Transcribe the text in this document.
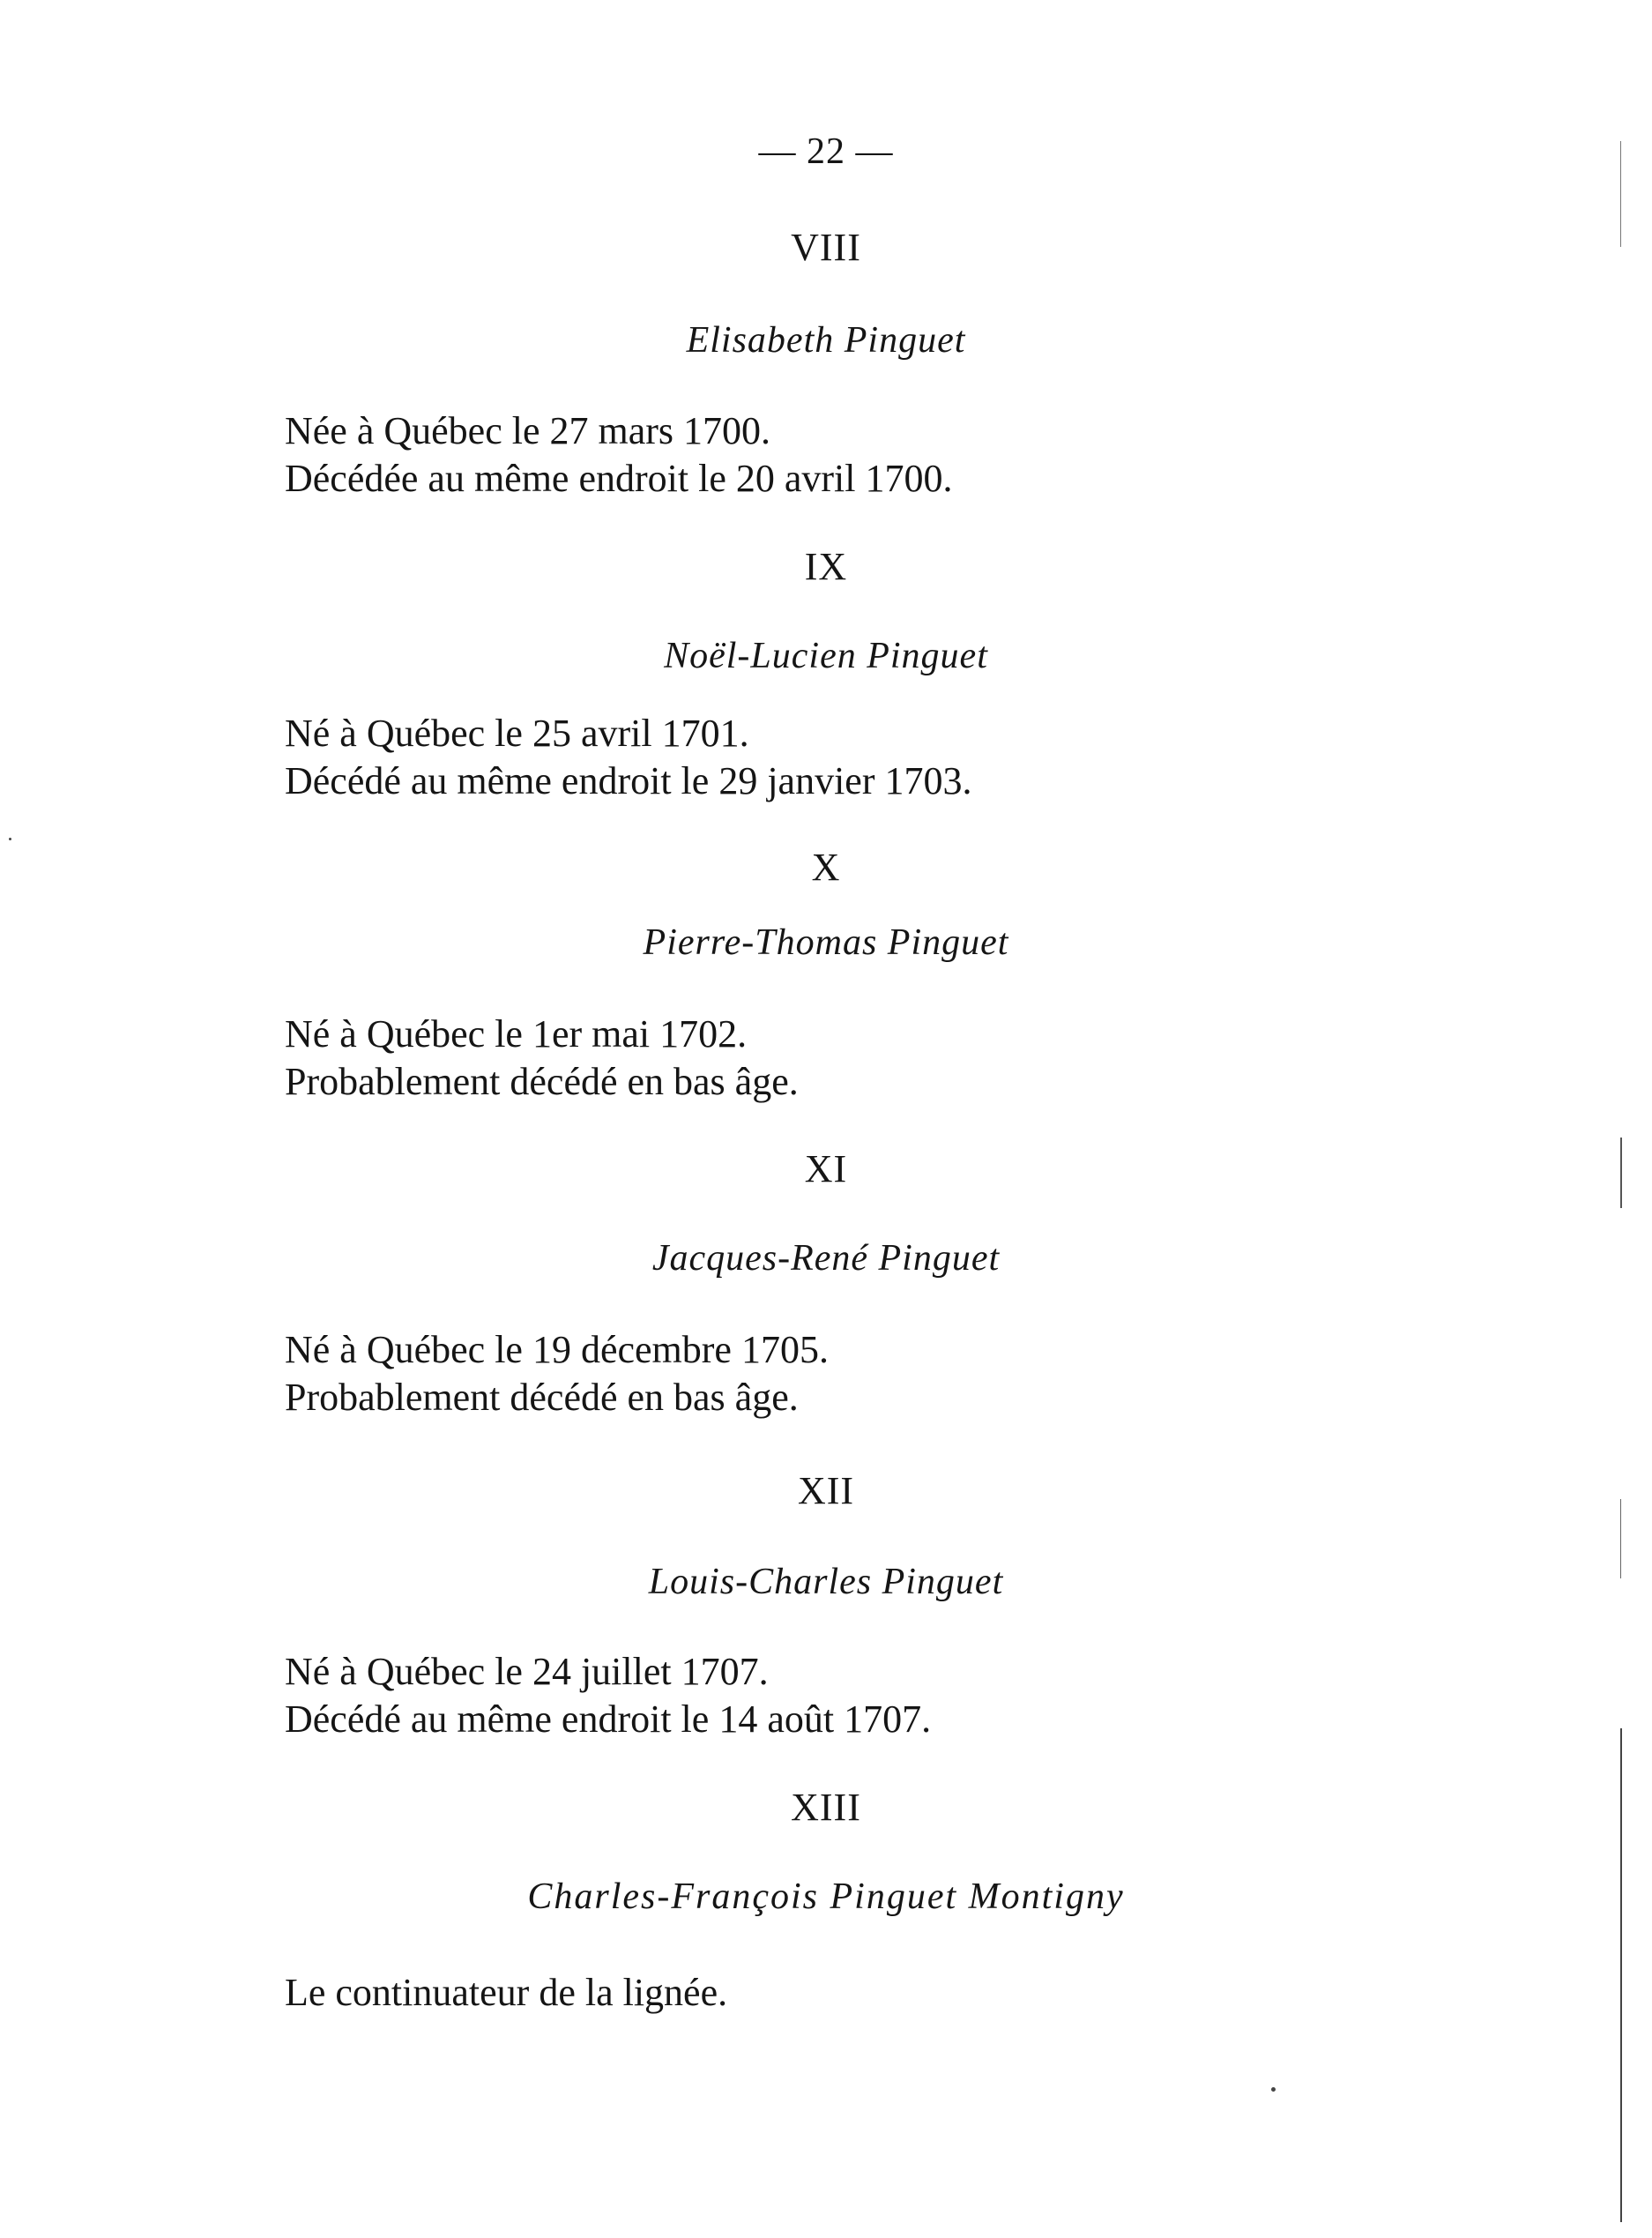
— 22 —
VIII
Elisabeth Pinguet
Née à Québec le 27 mars 1700.
Décédée au même endroit le 20 avril 1700.
IX
Noël-Lucien Pinguet
Né à Québec le 25 avril 1701.
Décédé au même endroit le 29 janvier 1703.
X
Pierre-Thomas Pinguet
Né à Québec le 1er mai 1702.
Probablement décédé en bas âge.
XI
Jacques-René Pinguet
Né à Québec le 19 décembre 1705.
Probablement décédé en bas âge.
XII
Louis-Charles Pinguet
Né à Québec le 24 juillet 1707.
Décédé au même endroit le 14 août 1707.
XIII
Charles-François Pinguet Montigny
Le continuateur de la lignée.
